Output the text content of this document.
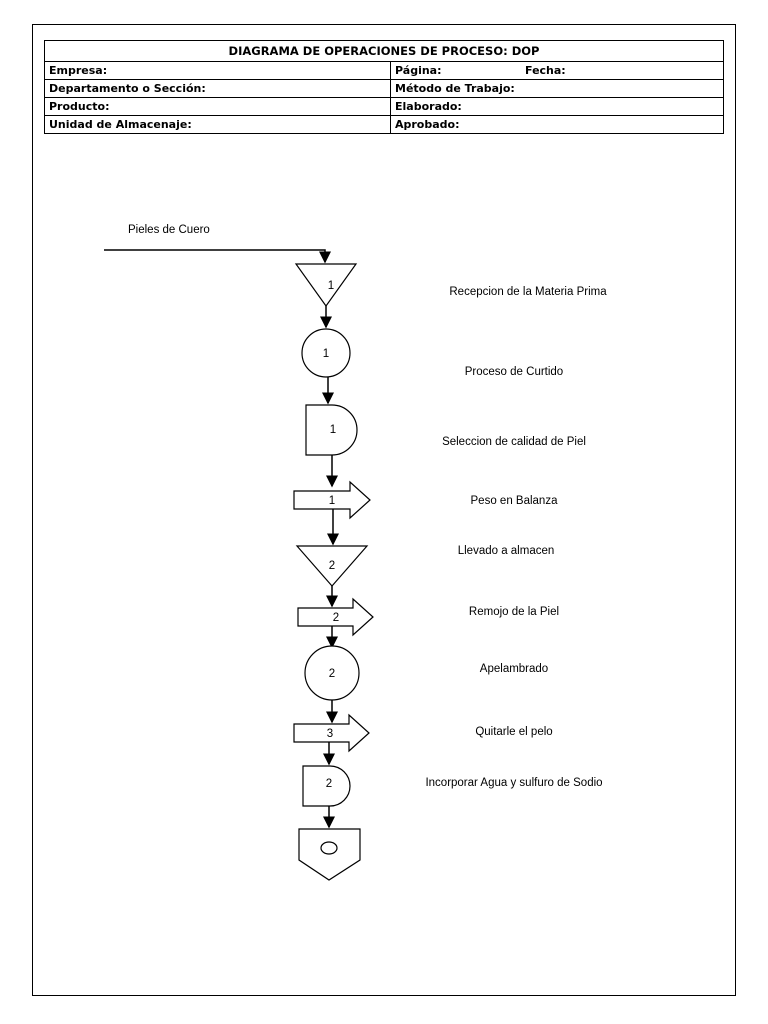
DIAGRAMA DE OPERACIONES DE PROCESO: DOP	
Empresa:	Página: Fecha:

Departamento o Sección:	Método de Trabajo:
Producto:	Elaborado:
Unidad de Almacenaje:	Aprobado:
Pieles de Cuero
1
1
1
1
2
2
2
3
2
Recepcion de la Materia Prima
Proceso de Curtido
Seleccion de calidad de Piel
Peso en Balanza
Llevado a almacen
Remojo de la Piel
Apelambrado
Quitarle el pelo
Incorporar Agua y sulfuro de Sodio
